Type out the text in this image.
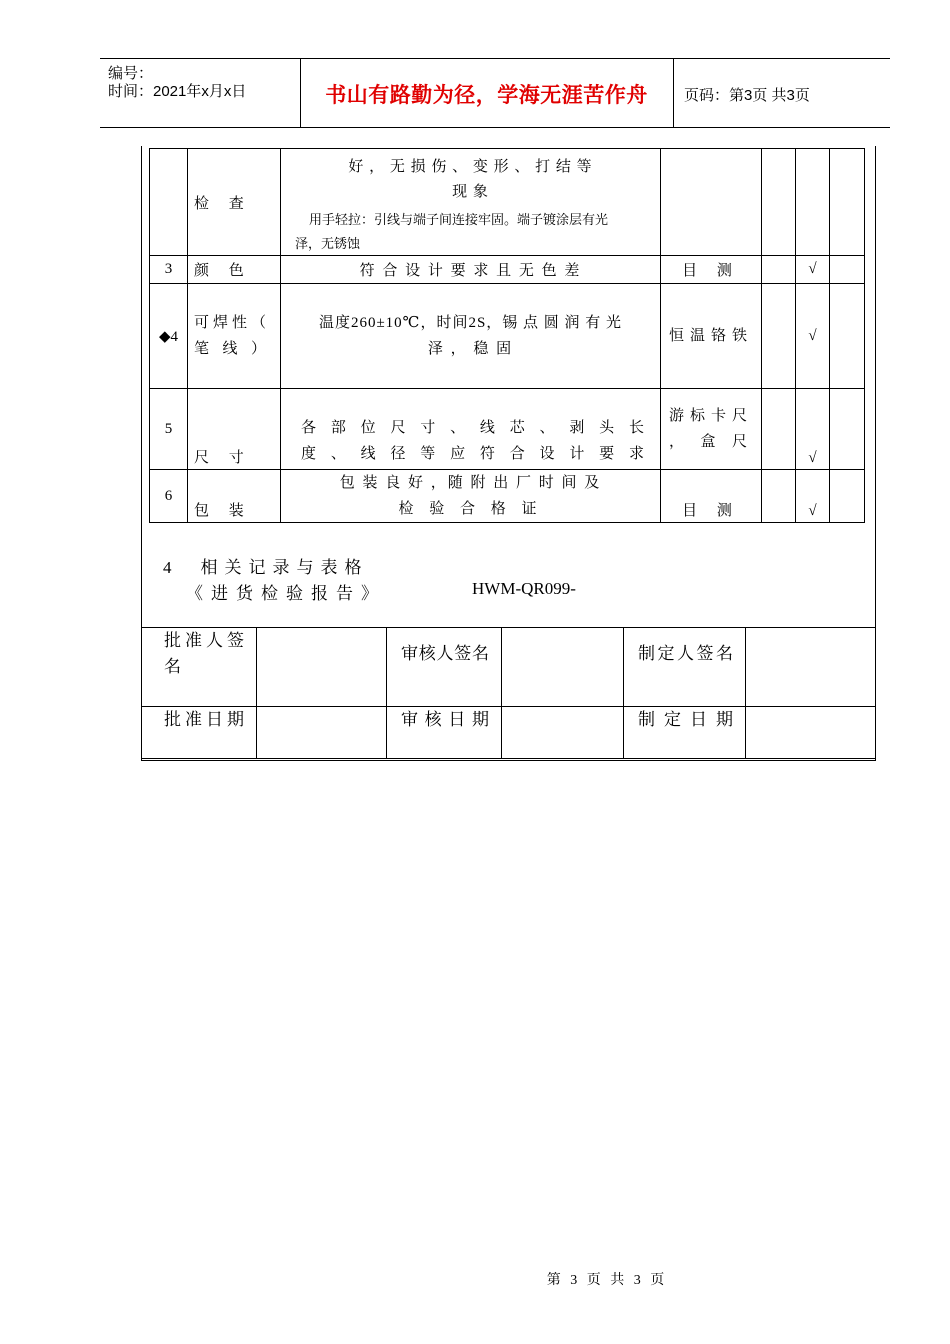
编号：
时间：2021年x月x日	书山有路勤为径，学海无涯苦作舟	页码：第3页 共3页
	检 查	好 ， 无 损 伤 、 变 形 、 打 结 等
现 象
用手轻拉：引线与端子间连接牢固。端子镀涂层有光
泽，无锈蚀				

3	颜 色	符 合 设 计 要 求 且 无 色 差	目 测		√	
◆4	可 焊 性 （ 笔 线 ）	温度260±10℃，时间2S，锡 点 圆 润 有 光
泽 ， 稳 固	恒 温 铬 铁		√	
5	尺 寸	各 部 位 尺 寸 、 线 芯 、 剥 头 长
度 、 线 径 等 应 符 合 设 计 要 求	游 标 卡 尺 ， 盒 尺		√	
6	包 装	包 装 良 好 ，随 附 出 厂 时 间 及
检 验 合 格 证	目 测		√	
4 相关记录与表格
《进货检验报告》	HWM-QR099-
批准人签名		审核人签名		制定人签名	
批准日期		审核日期		制定日期	
第 3 页 共 3 页
